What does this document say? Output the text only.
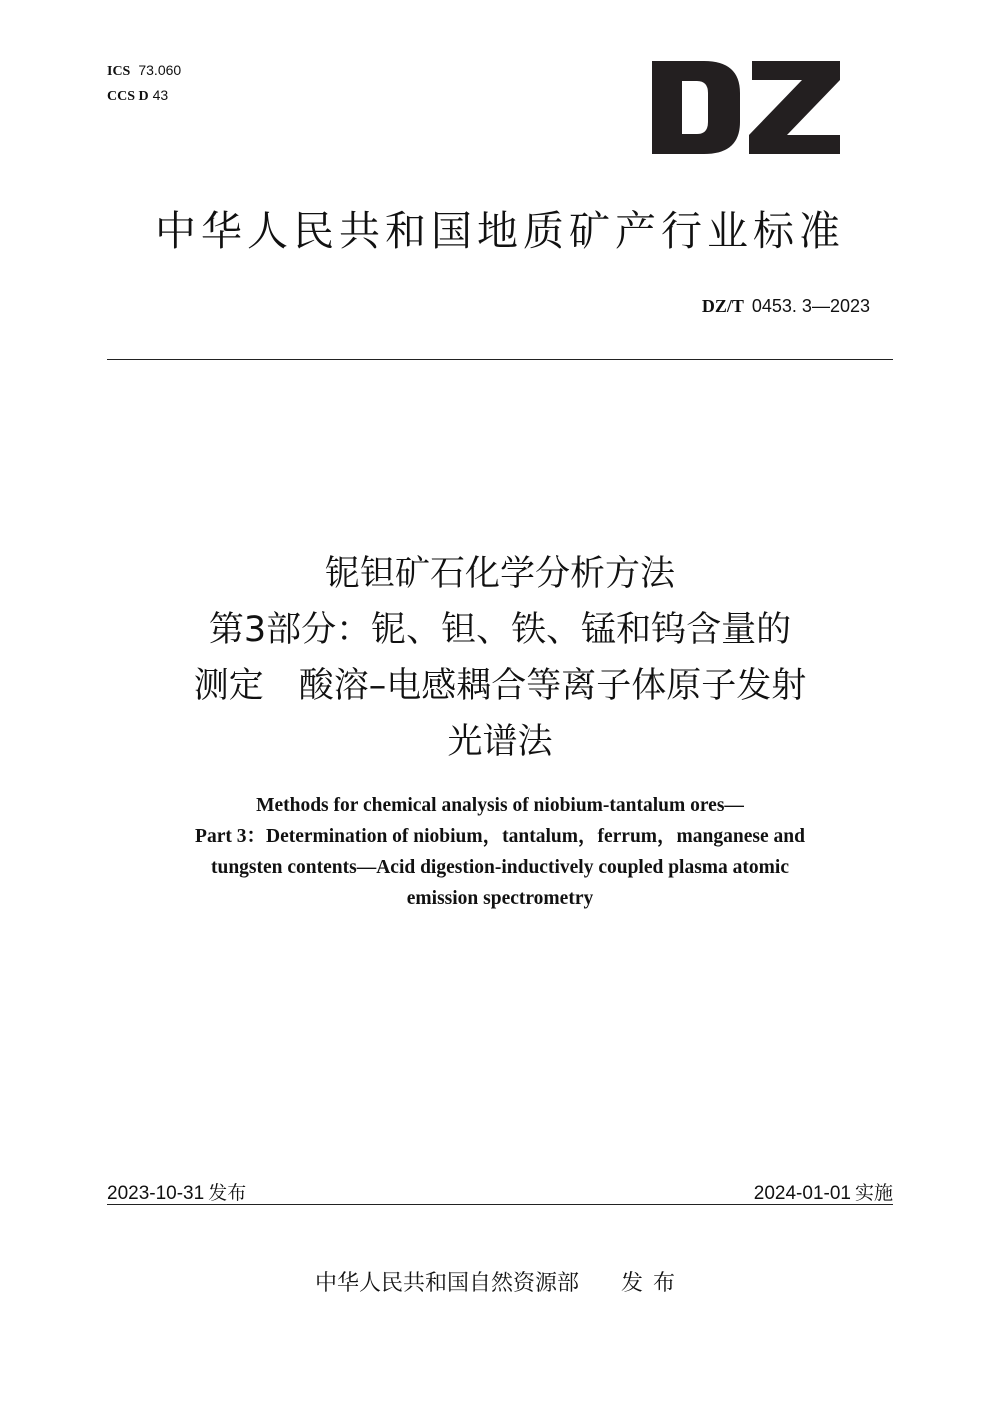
ICS 73.060
CCS D 43
中华人民共和国地质矿产行业标准
DZ/T 0453. 3—2023
铌钽矿石化学分析方法
第3部分：铌、钽、铁、锰和钨含量的
测定　酸溶–电感耦合等离子体原子发射
光谱法
Methods for chemical analysis of niobium-tantalum ores—
Part 3：Determination of niobium，tantalum，ferrum，manganese and
tungsten contents—Acid digestion-inductively coupled plasma atomic
emission spectrometry
2023-10-31 发布	2024-01-01 实施
中华人民共和国自然资源部 发布
